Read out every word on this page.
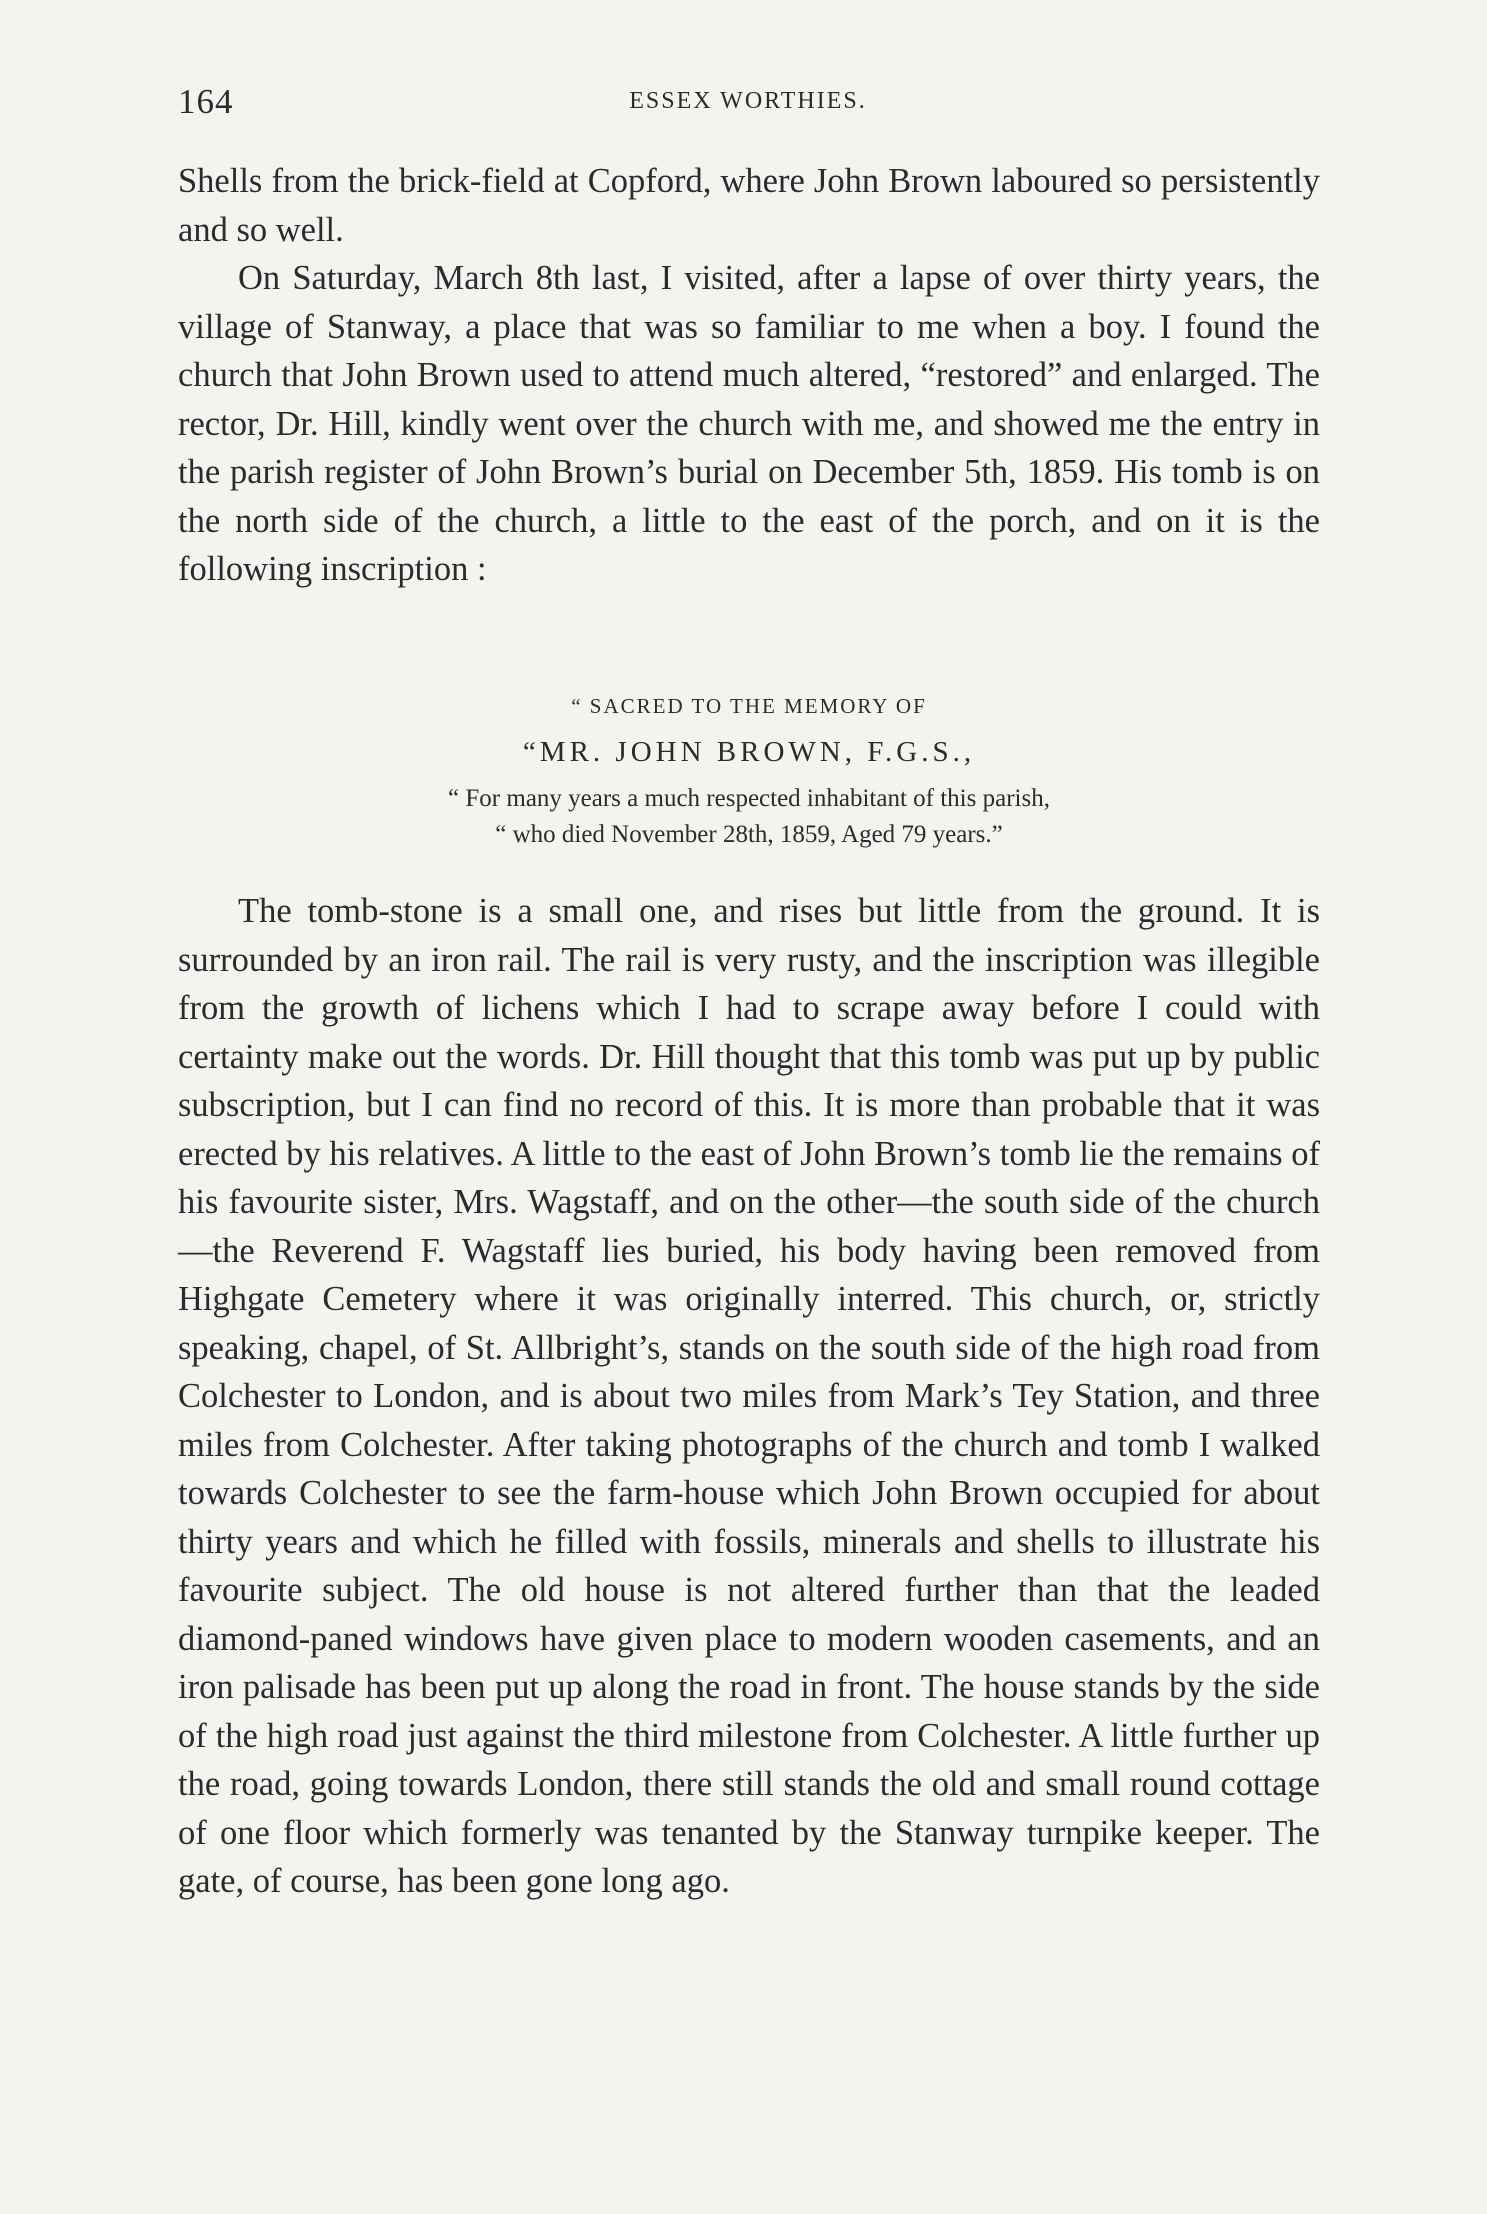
164	ESSEX WORTHIES.

Shells from the brick-field at Copford, where John Brown laboured so persistently and so well.

On Saturday, March 8th last, I visited, after a lapse of over thirty years, the village of Stanway, a place that was so familiar to me when a boy. I found the church that John Brown used to attend much altered, “restored” and enlarged. The rector, Dr. Hill, kindly went over the church with me, and showed me the entry in the parish register of John Brown’s burial on December 5th, 1859. His tomb is on the north side of the church, a little to the east of the porch, and on it is the following inscription :

“ SACRED TO THE MEMORY OF
“MR. JOHN BROWN, F.G.S.,
“ For many years a much respected inhabitant of this parish,
“ who died November 28th, 1859, Aged 79 years.”

The tomb-stone is a small one, and rises but little from the ground. It is surrounded by an iron rail. The rail is very rusty, and the inscription was illegible from the growth of lichens which I had to scrape away before I could with certainty make out the words. Dr. Hill thought that this tomb was put up by public subscription, but I can find no record of this. It is more than probable that it was erected by his relatives. A little to the east of John Brown’s tomb lie the remains of his favourite sister, Mrs. Wagstaff, and on the other—the south side of the church—the Reverend F. Wagstaff lies buried, his body having been removed from Highgate Cemetery where it was originally interred. This church, or, strictly speaking, chapel, of St. Allbright’s, stands on the south side of the high road from Colchester to London, and is about two miles from Mark’s Tey Station, and three miles from Colchester. After taking photographs of the church and tomb I walked towards Colchester to see the farm-house which John Brown occupied for about thirty years and which he filled with fossils, minerals and shells to illustrate his favourite subject. The old house is not altered further than that the leaded diamond-paned windows have given place to modern wooden casements, and an iron palisade has been put up along the road in front. The house stands by the side of the high road just against the third milestone from Colchester. A little further up the road, going towards London, there still stands the old and small round cottage of one floor which formerly was tenanted by the Stanway turnpike keeper. The gate, of course, has been gone long ago.
